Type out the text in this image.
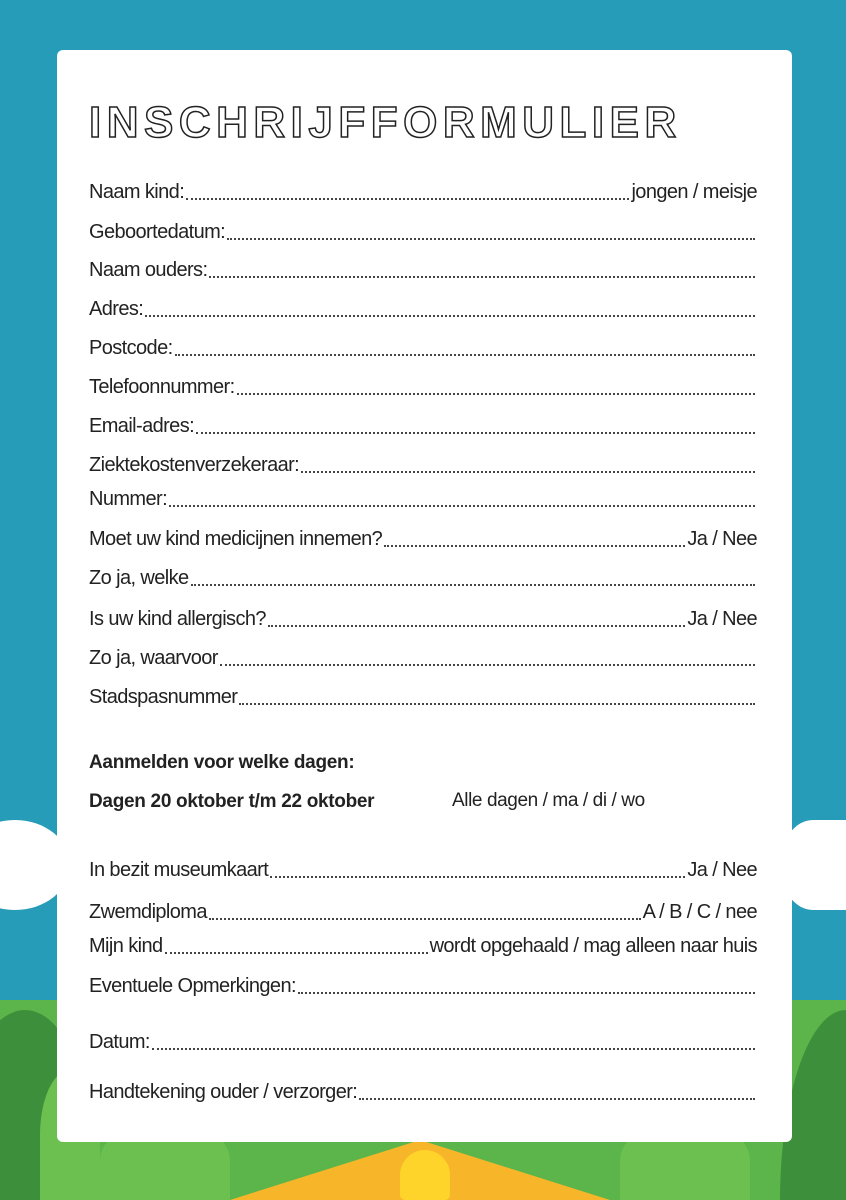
INSCHRIJFFORMULIER
Naam kind:	jongen / meisje
Geboortedatum:
Naam ouders:
Adres:
Postcode:
Telefoonnummer:
Email-adres:
Ziektekostenverzekeraar:
Nummer:
Moet uw kind medicijnen innemen?	Ja / Nee
Zo ja, welke
Is uw kind allergisch?	Ja / Nee
Zo ja, waarvoor
Stadspasnummer
Aanmelden voor welke dagen:
Dagen 20 oktober t/m 22 oktober	Alle dagen / ma / di / wo
In bezit museumkaart	Ja / Nee
Zwemdiploma	A / B / C / nee
Mijn kind	wordt opgehaald / mag alleen naar huis
Eventuele Opmerkingen:
Datum:
Handtekening ouder / verzorger:
